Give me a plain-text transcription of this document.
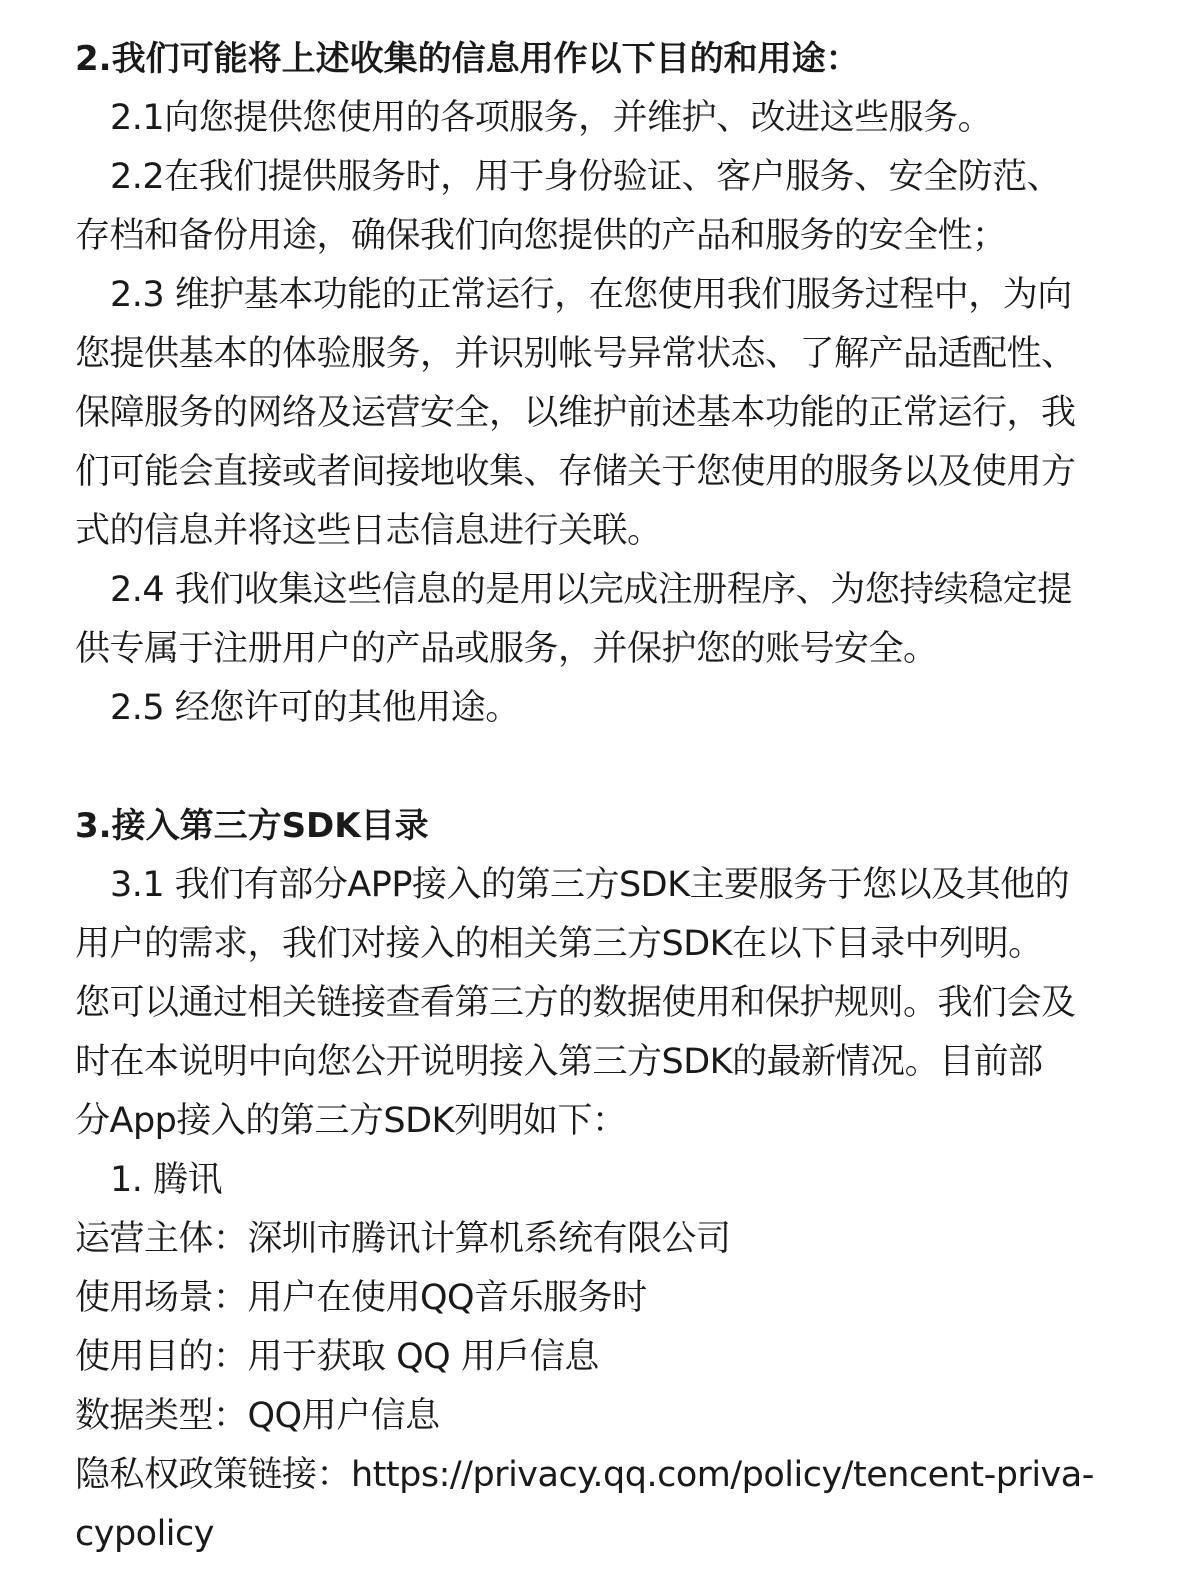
2.我们可能将上述收集的信息用作以下目的和用途：
2.1向您提供您使用的各项服务，并维护、改进这些服务。
2.2在我们提供服务时，用于身份验证、客户服务、安全防范、
存档和备份用途，确保我们向您提供的产品和服务的安全性；
2.3 维护基本功能的正常运行，在您使用我们服务过程中，为向
您提供基本的体验服务，并识别帐号异常状态、了解产品适配性、
保障服务的网络及运营安全，以维护前述基本功能的正常运行，我
们可能会直接或者间接地收集、存储关于您使用的服务以及使用方
式的信息并将这些日志信息进行关联。
2.4 我们收集这些信息的是用以完成注册程序、为您持续稳定提
供专属于注册用户的产品或服务，并保护您的账号安全。
2.5 经您许可的其他用途。
3.接入第三方SDK目录
3.1 我们有部分APP接入的第三方SDK主要服务于您以及其他的
用户的需求，我们对接入的相关第三方SDK在以下目录中列明。
您可以通过相关链接查看第三方的数据使用和保护规则。我们会及
时在本说明中向您公开说明接入第三方SDK的最新情况。目前部
分App接入的第三方SDK列明如下：
1. 腾讯
运营主体：深圳市腾讯计算机系统有限公司
使用场景：用户在使用QQ音乐服务时
使用目的：用于获取 QQ 用戶信息
数据类型：QQ用户信息
隐私权政策链接：https://privacy.qq.com/policy/tencent-priva-
cypolicy
